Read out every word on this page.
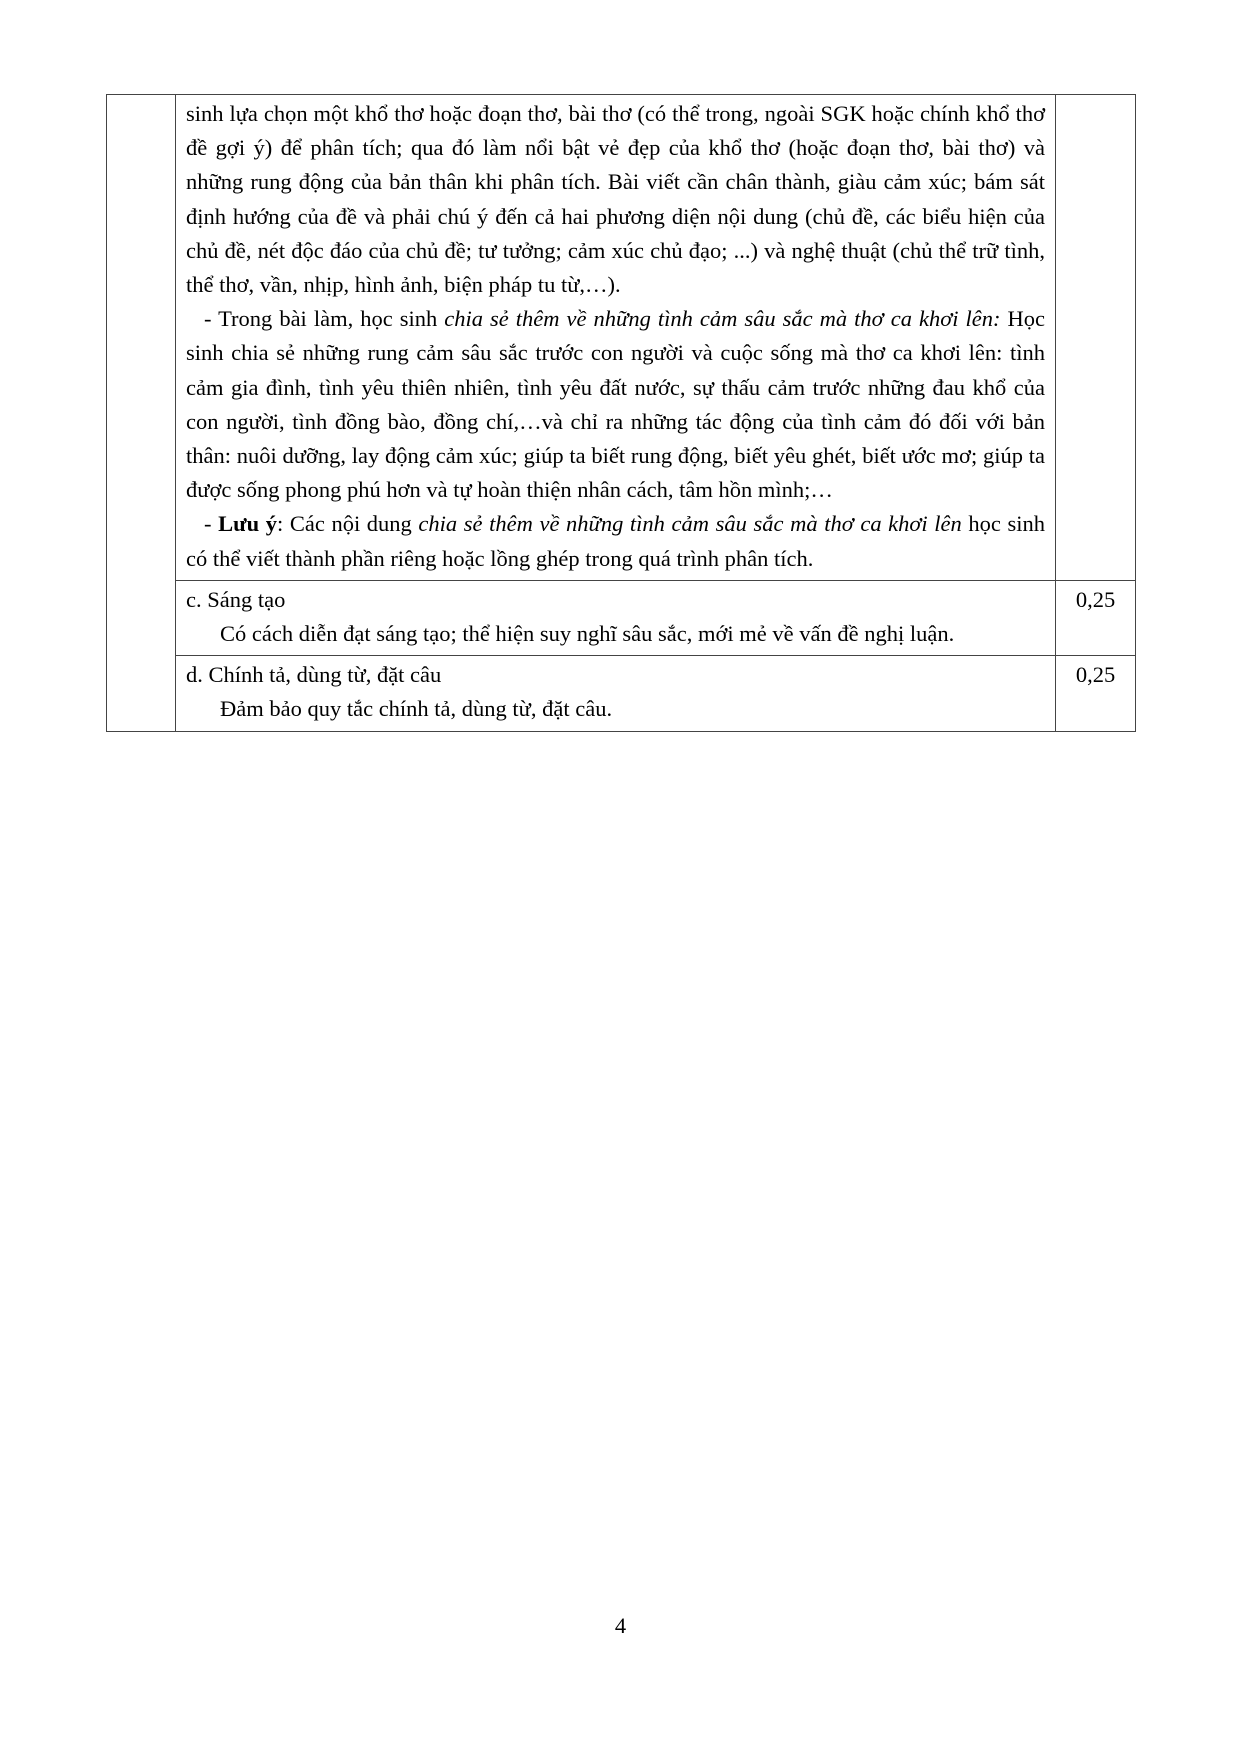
	sinh lựa chọn một khổ thơ hoặc đoạn thơ, bài thơ (có thể trong, ngoài SGK hoặc chính khổ thơ đề gợi ý) để phân tích; qua đó làm nổi bật vẻ đẹp của khổ thơ (hoặc đoạn thơ, bài thơ) và những rung động của bản thân khi phân tích. Bài viết cần chân thành, giàu cảm xúc; bám sát định hướng của đề và phải chú ý đến cả hai phương diện nội dung (chủ đề, các biểu hiện của chủ đề, nét độc đáo của chủ đề; tư tưởng; cảm xúc chủ đạo; ...) và nghệ thuật (chủ thể trữ tình, thể thơ, vần, nhịp, hình ảnh, biện pháp tu từ,…).

- Trong bài làm, học sinh chia sẻ thêm về những tình cảm sâu sắc mà thơ ca khơi lên: Học sinh chia sẻ những rung cảm sâu sắc trước con người và cuộc sống mà thơ ca khơi lên: tình cảm gia đình, tình yêu thiên nhiên, tình yêu đất nước, sự thấu cảm trước những đau khổ của con người, tình đồng bào, đồng chí,…và chỉ ra những tác động của tình cảm đó đối với bản thân: nuôi dưỡng, lay động cảm xúc; giúp ta biết rung động, biết yêu ghét, biết ước mơ; giúp ta được sống phong phú hơn và tự hoàn thiện nhân cách, tâm hồn mình;…

- Lưu ý: Các nội dung chia sẻ thêm về những tình cảm sâu sắc mà thơ ca khơi lên học sinh có thể viết thành phần riêng hoặc lồng ghép trong quá trình phân tích.	

	c. Sáng tạo

Có cách diễn đạt sáng tạo; thể hiện suy nghĩ sâu sắc, mới mẻ về vấn đề nghị luận.	0,25

	d. Chính tả, dùng từ, đặt câu

Đảm bảo quy tắc chính tả, dùng từ, đặt câu.	0,25
4
